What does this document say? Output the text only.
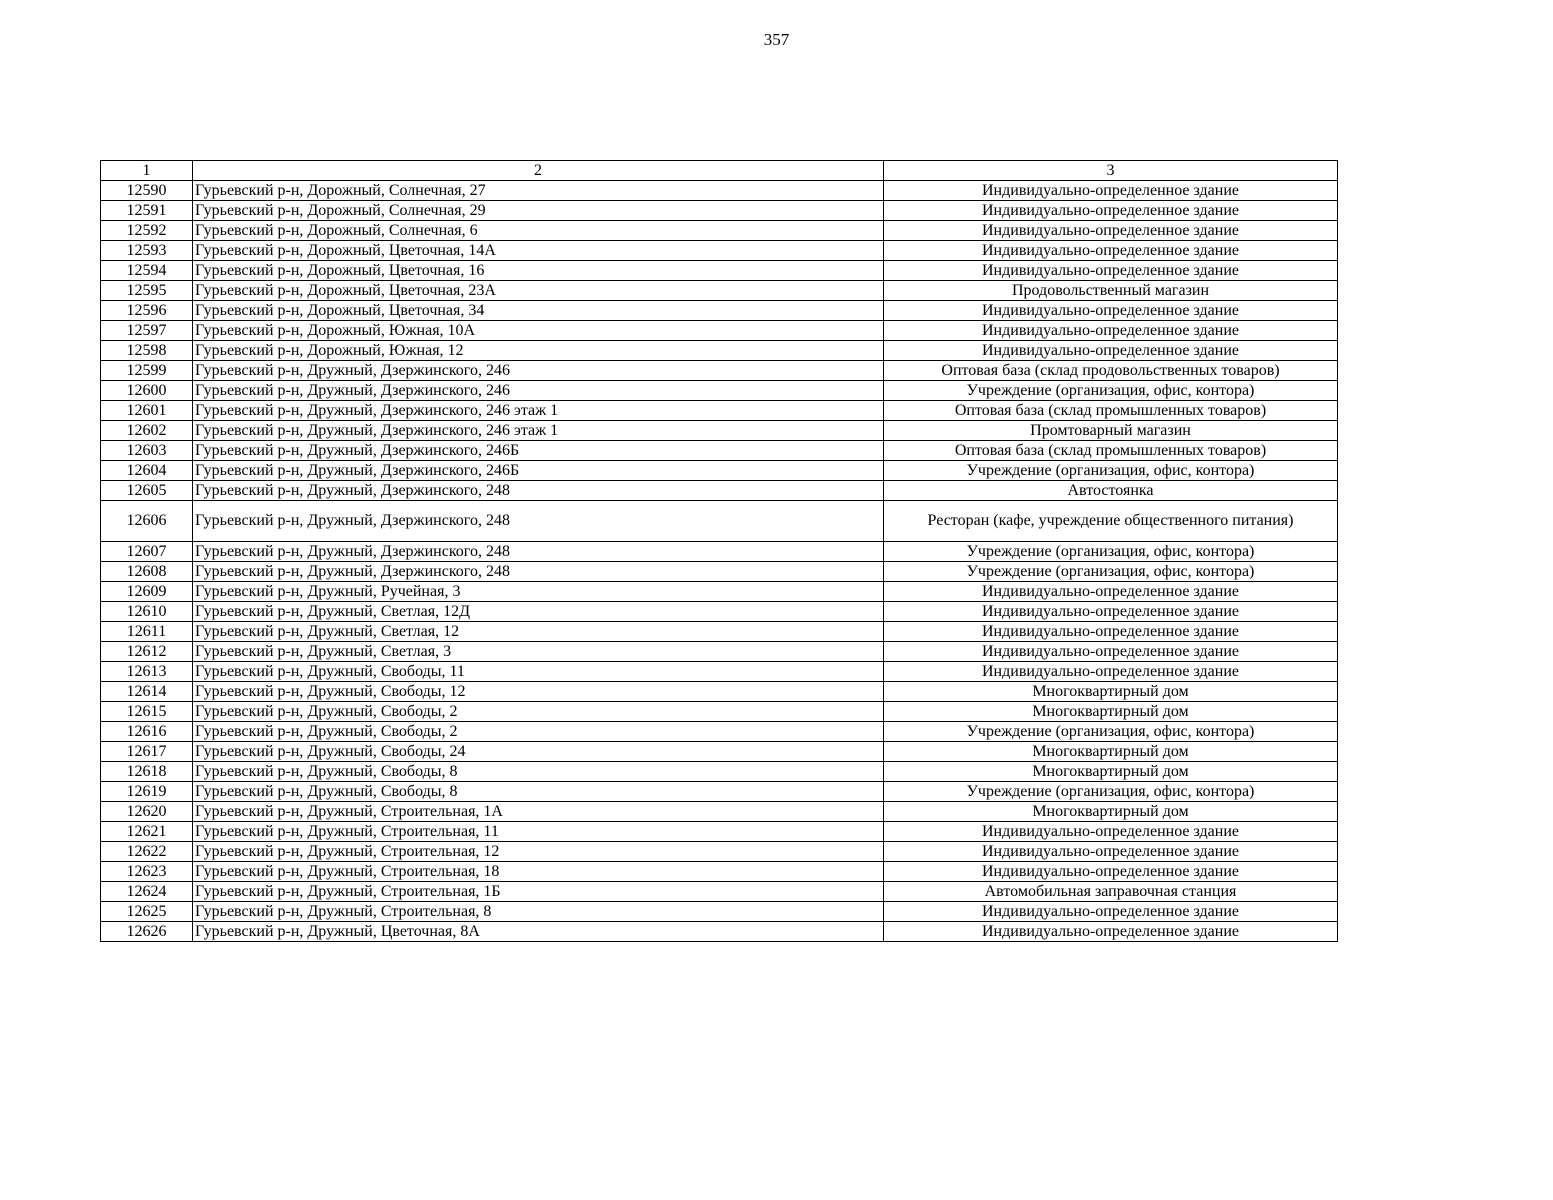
357
1	2	3
12590	Гурьевский р-н, Дорожный, Солнечная, 27	Индивидуально-определенное здание
12591	Гурьевский р-н, Дорожный, Солнечная, 29	Индивидуально-определенное здание
12592	Гурьевский р-н, Дорожный, Солнечная, 6	Индивидуально-определенное здание
12593	Гурьевский р-н, Дорожный, Цветочная, 14А	Индивидуально-определенное здание
12594	Гурьевский р-н, Дорожный, Цветочная, 16	Индивидуально-определенное здание
12595	Гурьевский р-н, Дорожный, Цветочная, 23А	Продовольственный магазин
12596	Гурьевский р-н, Дорожный, Цветочная, 34	Индивидуально-определенное здание
12597	Гурьевский р-н, Дорожный, Южная, 10А	Индивидуально-определенное здание
12598	Гурьевский р-н, Дорожный, Южная, 12	Индивидуально-определенное здание
12599	Гурьевский р-н, Дружный, Дзержинского, 246	Оптовая база (склад продовольственных товаров)
12600	Гурьевский р-н, Дружный, Дзержинского, 246	Учреждение (организация, офис, контора)
12601	Гурьевский р-н, Дружный, Дзержинского, 246 этаж 1	Оптовая база (склад промышленных товаров)
12602	Гурьевский р-н, Дружный, Дзержинского, 246 этаж 1	Промтоварный магазин
12603	Гурьевский р-н, Дружный, Дзержинского, 246Б	Оптовая база (склад промышленных товаров)
12604	Гурьевский р-н, Дружный, Дзержинского, 246Б	Учреждение (организация, офис, контора)
12605	Гурьевский р-н, Дружный, Дзержинского, 248	Автостоянка
12606	Гурьевский р-н, Дружный, Дзержинского, 248	Ресторан (кафе, учреждение общественного питания)
12607	Гурьевский р-н, Дружный, Дзержинского, 248	Учреждение (организация, офис, контора)
12608	Гурьевский р-н, Дружный, Дзержинского, 248	Учреждение (организация, офис, контора)
12609	Гурьевский р-н, Дружный, Ручейная, 3	Индивидуально-определенное здание
12610	Гурьевский р-н, Дружный, Светлая, 12Д	Индивидуально-определенное здание
12611	Гурьевский р-н, Дружный, Светлая, 12	Индивидуально-определенное здание
12612	Гурьевский р-н, Дружный, Светлая, 3	Индивидуально-определенное здание
12613	Гурьевский р-н, Дружный, Свободы, 11	Индивидуально-определенное здание
12614	Гурьевский р-н, Дружный, Свободы, 12	Многоквартирный дом
12615	Гурьевский р-н, Дружный, Свободы, 2	Многоквартирный дом
12616	Гурьевский р-н, Дружный, Свободы, 2	Учреждение (организация, офис, контора)
12617	Гурьевский р-н, Дружный, Свободы, 24	Многоквартирный дом
12618	Гурьевский р-н, Дружный, Свободы, 8	Многоквартирный дом
12619	Гурьевский р-н, Дружный, Свободы, 8	Учреждение (организация, офис, контора)
12620	Гурьевский р-н, Дружный, Строительная, 1А	Многоквартирный дом
12621	Гурьевский р-н, Дружный, Строительная, 11	Индивидуально-определенное здание
12622	Гурьевский р-н, Дружный, Строительная, 12	Индивидуально-определенное здание
12623	Гурьевский р-н, Дружный, Строительная, 18	Индивидуально-определенное здание
12624	Гурьевский р-н, Дружный, Строительная, 1Б	Автомобильная заправочная станция
12625	Гурьевский р-н, Дружный, Строительная, 8	Индивидуально-определенное здание
12626	Гурьевский р-н, Дружный, Цветочная, 8А	Индивидуально-определенное здание
